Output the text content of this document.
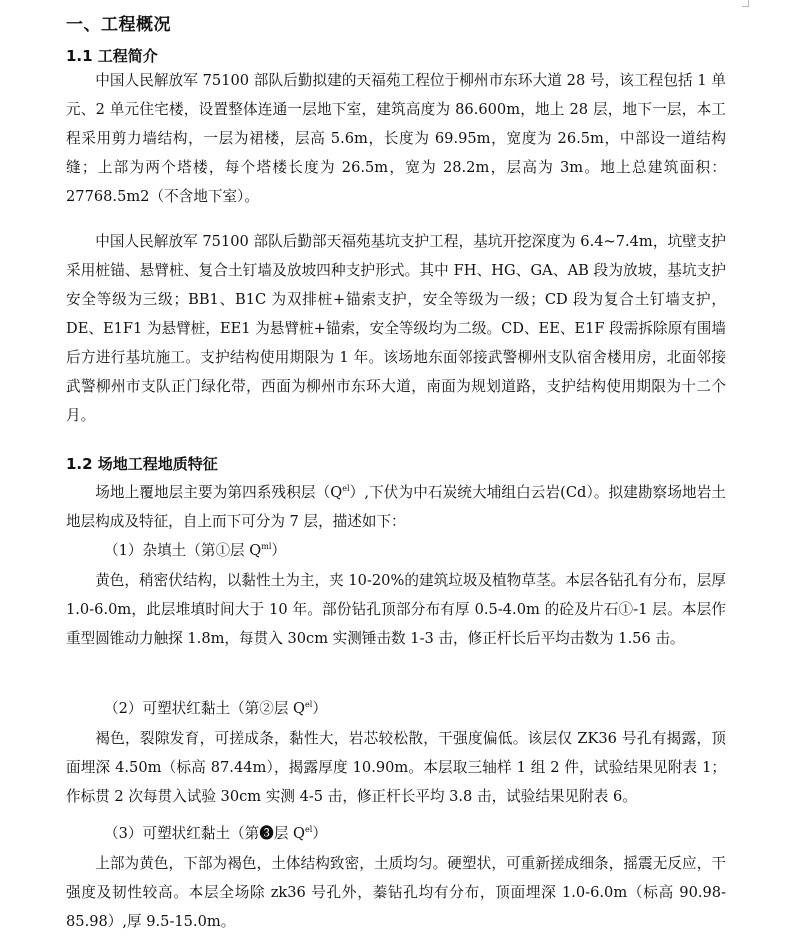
一、工程概况
1.1 工程简介

中国人民解放军 75100 部队后勤拟建的天福苑工程位于柳州市东环大道 28 号，该工程包括 1 单元、2 单元住宅楼，设置整体连通一层地下室，建筑高度为 86.600m，地上 28 层，地下一层，本工程采用剪力墙结构，一层为裙楼，层高 5.6m，长度为 69.95m，宽度为 26.5m，中部设一道结构缝；上部为两个塔楼，每个塔楼长度为 26.5m，宽为 28.2m，层高为 3m。地上总建筑面积：27768.5m2（不含地下室）。

中国人民解放军 75100 部队后勤部天福苑基坑支护工程，基坑开挖深度为 6.4~7.4m，坑壁支护采用桩锚、悬臂桩、复合土钉墙及放坡四种支护形式。其中 FH、HG、GA、AB 段为放坡，基坑支护安全等级为三级；BB1、B1C 为双排桩+锚索支护，安全等级为一级；CD 段为复合土钉墙支护，DE、E1F1 为悬臂桩，EE1 为悬臂桩+锚索，安全等级均为二级。CD、EE、E1F 段需拆除原有围墙后方进行基坑施工。支护结构使用期限为 1 年。该场地东面邻接武警柳州支队宿舍楼用房，北面邻接武警柳州市支队正门绿化带，西面为柳州市东环大道，南面为规划道路，支护结构使用期限为十二个月。

1.2 场地工程地质特征

场地上覆地层主要为第四系残积层$(Q^{el})$,下伏为中石炭统大埔组白云岩(Cd）。拟建勘察场地岩土地层构成及特征，自上而下可分为 7 层，描述如下：

（1）杂填土（第①层 $Q^{ml}$）

黄色，稍密伏结构，以黏性土为主，夹 10-20%的建筑垃圾及植物草茎。本层各钻孔有分布，层厚 1.0-6.0m，此层堆填时间大于 10 年。部份钻孔顶部分布有厚 0.5-4.0m 的砼及片石①-1 层。本层作重型圆锥动力触探 1.8m，每贯入 30cm 实测锤击数 1-3 击，修正杆长后平均击数为 1.56 击。

（2）可塑状红黏土（第②层 $Q^{el}$）

褐色，裂隙发育，可搓成条，黏性大，岩芯较松散，干强度偏低。该层仅 ZK36 号孔有揭露，顶面埋深 4.50m（标高 87.44m），揭露厚度 10.90m。本层取三轴样 1 组 2 件，试验结果见附表 1；作标贯 2 次每贯入试验 30cm 实测 4-5 击，修正杆长平均 3.8 击，试验结果见附表 6。

（3）可塑状红黏土（第❸层 $Q^{el}$）

上部为黄色，下部为褐色，土体结构致密，土质均匀。硬塑状，可重新搓成细条，摇震无反应，干强度及韧性较高。本层全场除 zk36 号孔外，蓁钻孔均有分布，顶面埋深 1.0-6.0m（标高 90.98-85.98）,厚 9.5-15.0m。
